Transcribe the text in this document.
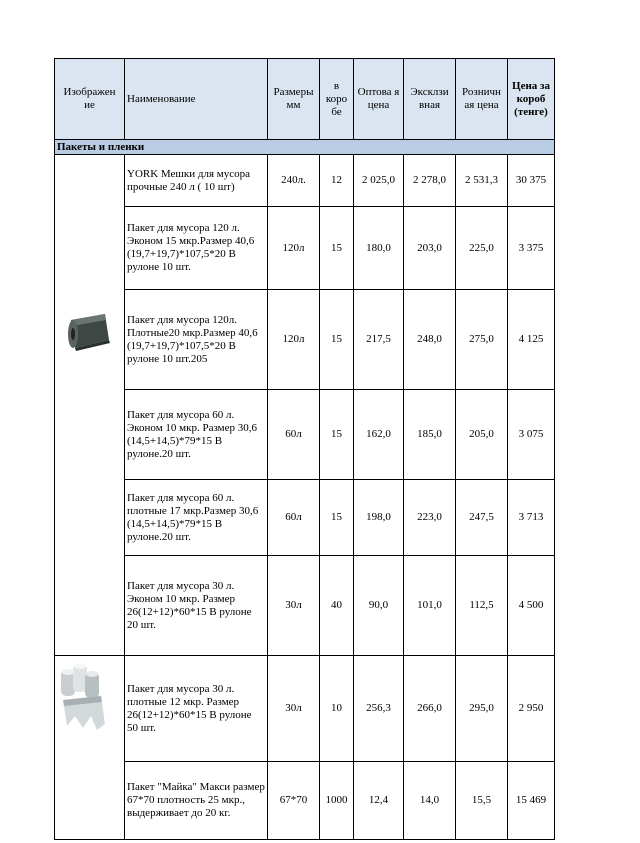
Изображен ие	Наименование	Размеры мм	в коро бе	Оптова я цена	Эксклзи вная	Розничн ая цена	Цена за короб (тенге)
Пакеты и пленки							

	YORK Мешки для мусора прочные 240 л ( 10 шт)	240л.	12	2 025,0	2 278,0	2 531,3	30 375
	Пакет для мусора 120 л. Эконом 15 мкр.Размер 40,6 (19,7+19,7)*107,5*20 В рулоне 10 шт.	120л	15	180,0	203,0	225,0	3 375
	Пакет для мусора 120л. Плотные20 мкр.Размер 40,6 (19,7+19,7)*107,5*20 В рулоне 10 шт.205	120л	15	217,5	248,0	275,0	4 125
	Пакет для мусора 60 л. Эконом 10 мкр. Размер 30,6 (14,5+14,5)*79*15 В рулоне.20 шт.	60л	15	162,0	185,0	205,0	3 075
	Пакет для мусора 60 л. плотные 17 мкр.Размер 30,6 (14,5+14,5)*79*15 В рулоне.20 шт.	60л	15	198,0	223,0	247,5	3 713
	Пакет для мусора 30 л. Эконом 10 мкр. Размер 26(12+12)*60*15 В рулоне 20 шт.	30л	40	90,0	101,0	112,5	4 500

	Пакет для мусора 30 л. плотные 12 мкр. Размер 26(12+12)*60*15 В рулоне 50 шт.	30л	10	256,3	266,0	295,0	2 950
	Пакет "Майка" Макси размер 67*70 плотность 25 мкр., выдерживает до 20 кг.	67*70	1000	12,4	14,0	15,5	15 469
